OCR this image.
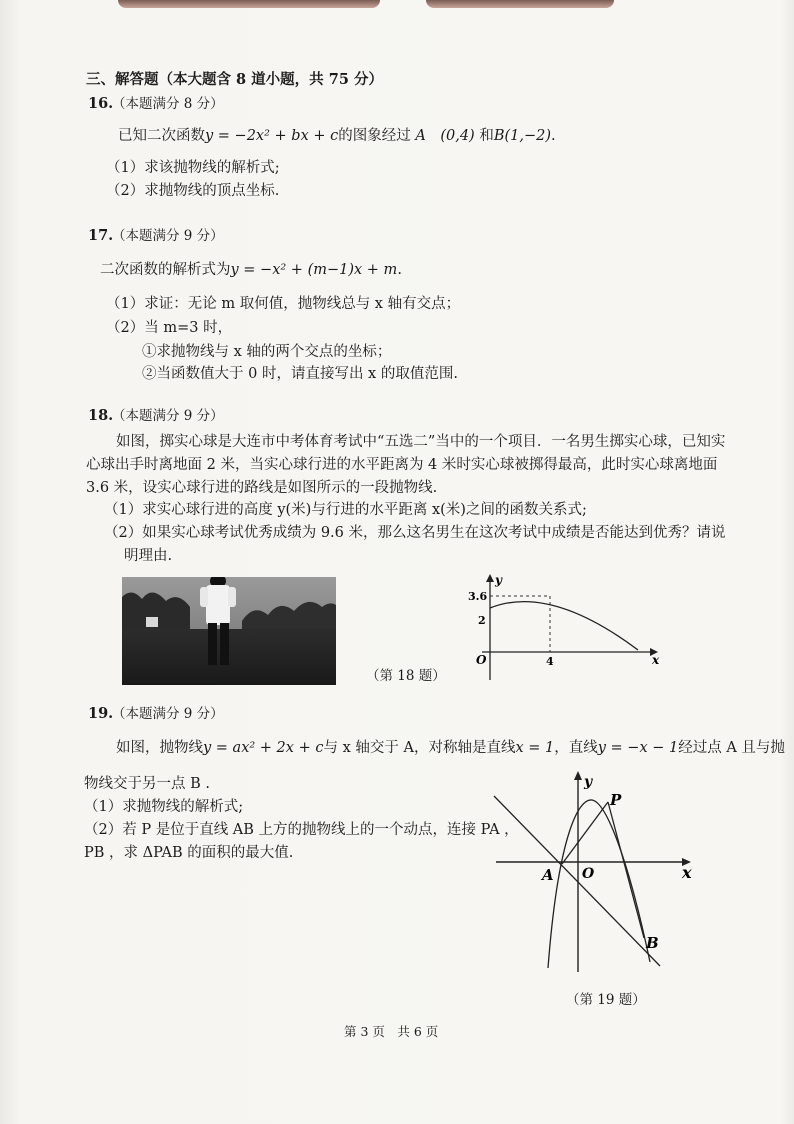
三、解答题（本大题含 8 道小题，共 75 分）
16.
（本题满分 8 分）
已知二次函数y = −2x² + bx + c的图象经过 A　(0,4) 和B(1,−2).
（1）求该抛物线的解析式;
（2）求抛物线的顶点坐标.
17.
（本题满分 9 分）
二次函数的解析式为y = −x² + (m−1)x + m.
（1）求证：无论 m 取何值，抛物线总与 x 轴有交点；
（2）当 m=3 时，
①求抛物线与 x 轴的两个交点的坐标；
②当函数值大于 0 时，请直接写出 x 的取值范围.
18.
（本题满分 9 分）
如图，掷实心球是大连市中考体育考试中“五选二”当中的一个项目．一名男生掷实心球，已知实
心球出手时离地面 2 米，当实心球行进的水平距离为 4 米时实心球被掷得最高，此时实心球离地面
3.6 米，设实心球行进的路线是如图所示的一段抛物线.
（1）求实心球行进的高度 y(米)与行进的水平距离 x(米)之间的函数关系式;
（2）如果实心球考试优秀成绩为 9.6 米，那么这名男生在这次考试中成绩是否能达到优秀？请说
明理由.
y
x
O
3.6
2
4
（第 18 题）
19.
（本题满分 9 分）
如图，抛物线y = ax² + 2x + c与 x 轴交于 A，对称轴是直线x = 1，直线y = −x − 1经过点 A 且与抛
物线交于另一点 B .
（1）求抛物线的解析式;
（2）若 P 是位于直线 AB 上方的抛物线上的一个动点，连接 PA ，
PB ，求 ΔPAB 的面积的最大值.
y
x
P
A O
B
（第 19 题）
第 3 页　共 6 页
